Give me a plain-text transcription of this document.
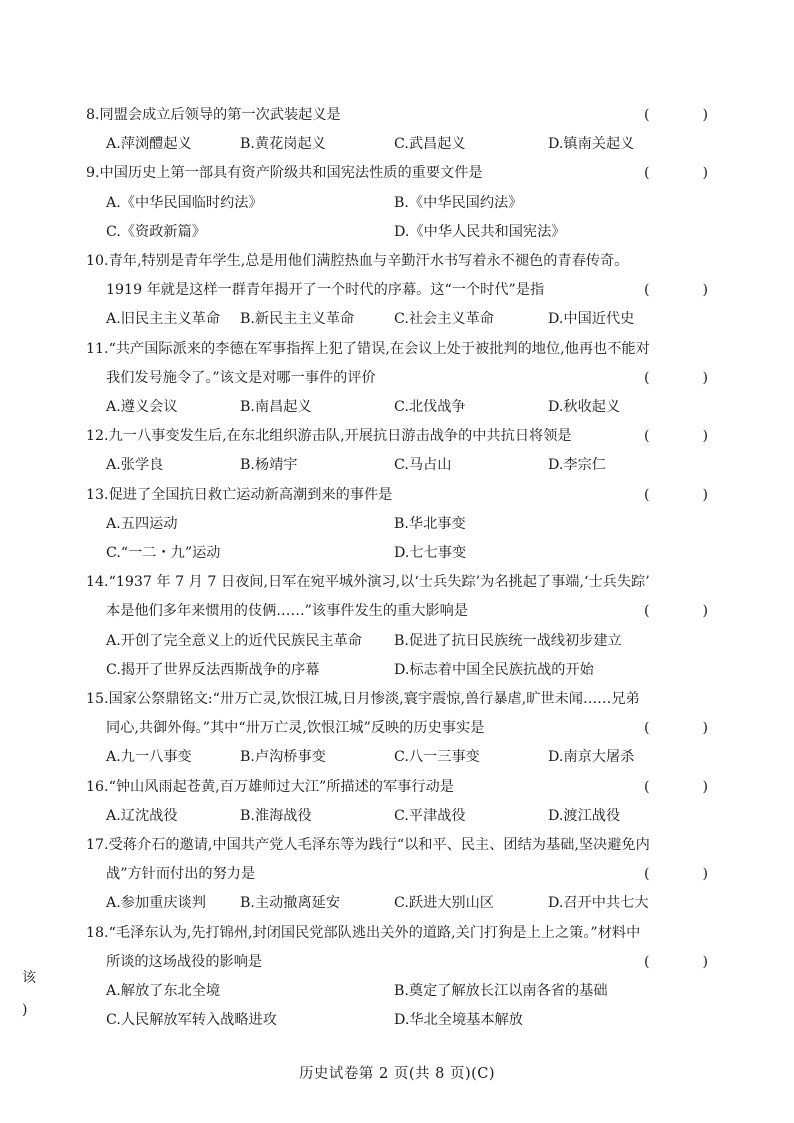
8.同盟会成立后领导的第一次武装起义是	(	)
A.萍浏醴起义	B.黄花岗起义	C.武昌起义	D.镇南关起义
9.中国历史上第一部具有资产阶级共和国宪法性质的重要文件是	(	)
A.《中华民国临时约法》	B.《中华民国约法》
C.《资政新篇》	D.《中华人民共和国宪法》
10.青年,特别是青年学生,总是用他们满腔热血与辛勤汗水书写着永不褪色的青春传奇。
1919 年就是这样一群青年揭开了一个时代的序幕。这“一个时代”是指	(	)
A.旧民主主义革命 B.新民主主义革命	C.社会主义革命	D.中国近代史
11.“共产国际派来的李德在军事指挥上犯了错误,在会议上处于被批判的地位,他再也不能对
我们发号施令了。”该文是对哪一事件的评价	(	)
A.遵义会议	B.南昌起义	C.北伐战争	D.秋收起义
12.九一八事变发生后,在东北组织游击队,开展抗日游击战争的中共抗日将领是	(	)
A.张学良	B.杨靖宇	C.马占山	D.李宗仁
13.促进了全国抗日救亡运动新高潮到来的事件是	(	)
A.五四运动	B.华北事变
C.“一二・九”运动	D.七七事变
14.“1937 年 7 月 7 日夜间,日军在宛平城外演习,以‘士兵失踪’为名挑起了事端,‘士兵失踪’
本是他们多年来惯用的伎俩……”该事件发生的重大影响是	(	)
A.开创了完全意义上的近代民族民主革命 B.促进了抗日民族统一战线初步建立
C.揭开了世界反法西斯战争的序幕	D.标志着中国全民族抗战的开始
15.国家公祭鼎铭文:“卅万亡灵,饮恨江城,日月惨淡,寰宇震惊,兽行暴虐,旷世未闻……兄弟
同心,共御外侮。”其中“卅万亡灵,饮恨江城”反映的历史事实是	(	)
A.九一八事变	B.卢沟桥事变	C.八一三事变	D.南京大屠杀
16.“钟山风雨起苍黄,百万雄师过大江”所描述的军事行动是	(	)
A.辽沈战役	B.淮海战役	C.平津战役	D.渡江战役
17.受蒋介石的邀请,中国共产党人毛泽东等为践行“以和平、民主、团结为基础,坚决避免内
战”方针而付出的努力是	(	)
A.参加重庆谈判 B.主动撤离延安	C.跃进大别山区	D.召开中共七大
18.“毛泽东认为,先打锦州,封闭国民党部队逃出关外的道路,关门打狗是上上之策。”材料中
所谈的这场战役的影响是	(	)
A.解放了东北全境	B.奠定了解放长江以南各省的基础
C.人民解放军转入战略进攻	D.华北全境基本解放
该
)
历史试卷第 2 页(共 8 页)(C)
